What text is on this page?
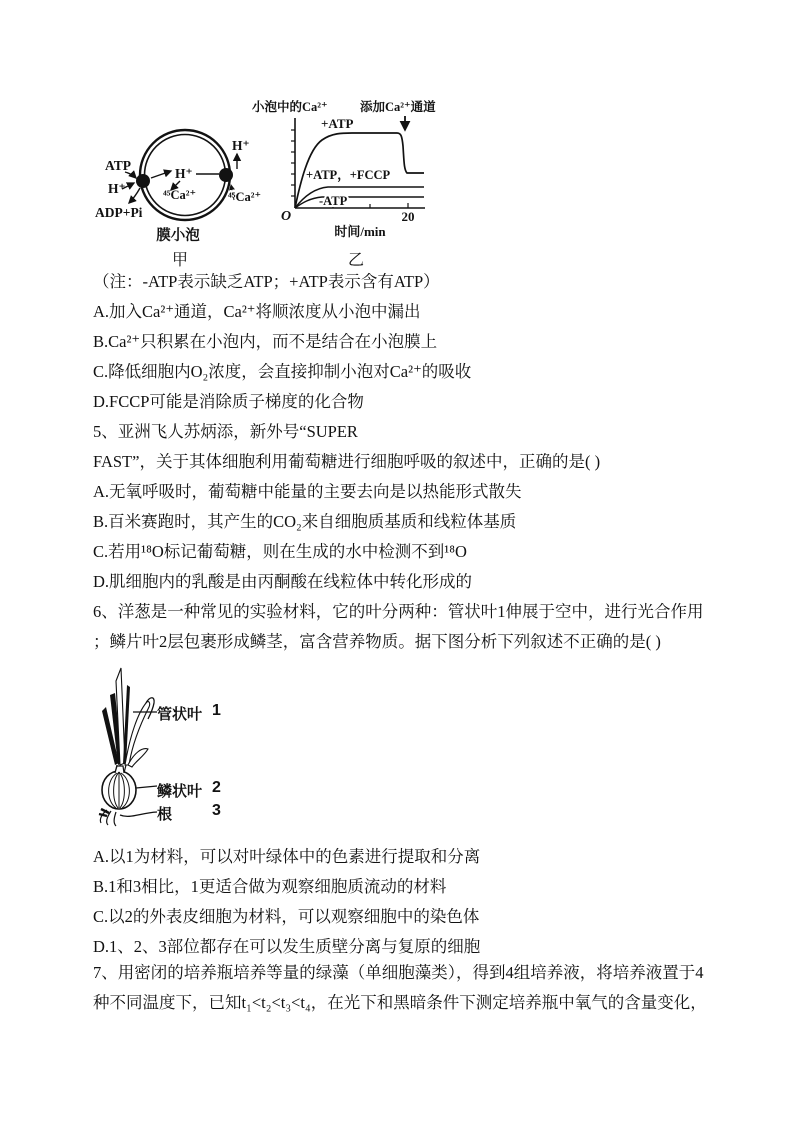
ATP
H⁺
ADP+Pi
H⁺
⁴⁵Ca²⁺
H⁺
⁴⁵Ca²⁺
膜小泡
甲
小泡中的Ca²⁺	添加Ca²⁺通道
+ATP
+ATP，+FCCP
-ATP
O	20
时间/min
乙
（注：-ATP表示缺乏ATP；+ATP表示含有ATP）
A.加入Ca²⁺通道，Ca²⁺将顺浓度从小泡中漏出
B.Ca²⁺只积累在小泡内，而不是结合在小泡膜上
C.降低细胞内O₂浓度，会直接抑制小泡对Ca²⁺的吸收
D.FCCP可能是消除质子梯度的化合物
5、亚洲飞人苏炳添，新外号“SUPER
FAST”，关于其体细胞利用葡萄糖进行细胞呼吸的叙述中，正确的是( )
A.无氧呼吸时，葡萄糖中能量的主要去向是以热能形式散失
B.百米赛跑时，其产生的CO₂来自细胞质基质和线粒体基质
C.若用¹⁸O标记葡萄糖，则在生成的水中检测不到¹⁸O
D.肌细胞内的乳酸是由丙酮酸在线粒体中转化形成的
6、洋葱是一种常见的实验材料，它的叶分两种：管状叶1伸展于空中，进行光合作用
；鳞片叶2层包裹形成鳞茎，富含营养物质。据下图分析下列叙述不正确的是( )
管状叶 1
鳞状叶 2
根 3
A.以1为材料，可以对叶绿体中的色素进行提取和分离
B.1和3相比，1更适合做为观察细胞质流动的材料
C.以2的外表皮细胞为材料，可以观察细胞中的染色体
D.1、2、3部位都存在可以发生质壁分离与复原的细胞
7、用密闭的培养瓶培养等量的绿藻（单细胞藻类），得到4组培养液，将培养液置于4
种不同温度下，已知t₁<t₂<t₃<t₄，在光下和黑暗条件下测定培养瓶中氧气的含量变化，
